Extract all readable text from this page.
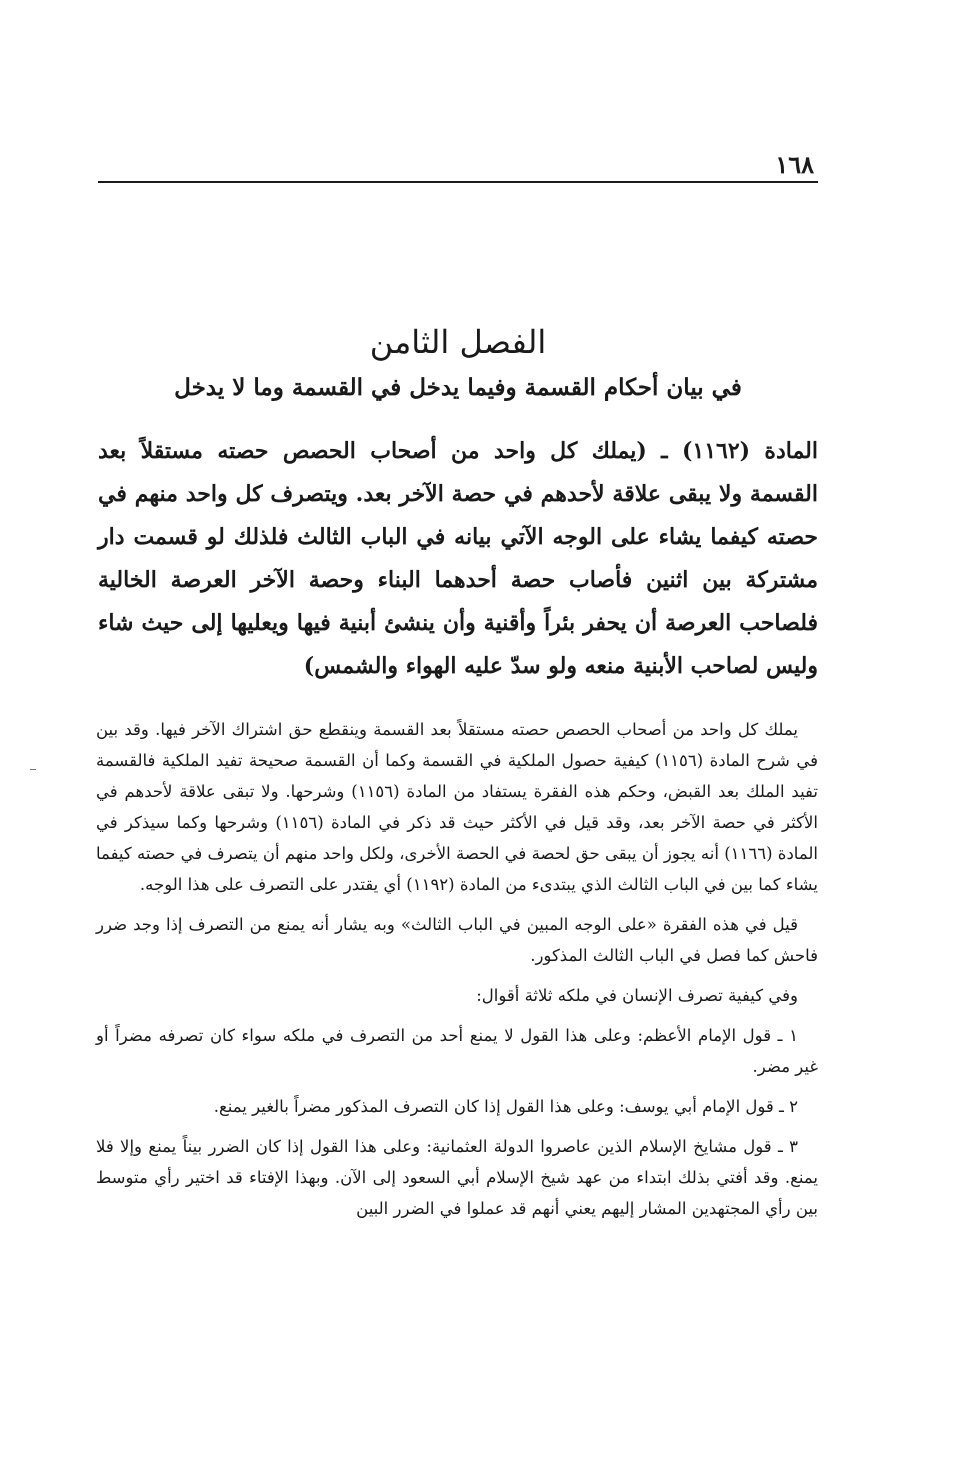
١٦٨
الفصل الثامن
في بيان أحكام القسمة وفيما يدخل في القسمة وما لا يدخل
المادة (١١٦٢) ـ (يملك كل واحد من أصحاب الحصص حصته مستقلاً بعد القسمة ولا يبقى علاقة لأحدهم في حصة الآخر بعد. ويتصرف كل واحد منهم في حصته كيفما يشاء على الوجه الآتي بيانه في الباب الثالث فلذلك لو قسمت دار مشتركة بين اثنين فأصاب حصة أحدهما البناء وحصة الآخر العرصة الخالية فلصاحب العرصة أن يحفر بئراً وأقنية وأن ينشئ أبنية فيها ويعليها إلى حيث شاء وليس لصاحب الأبنية منعه ولو سدّ عليه الهواء والشمس)

يملك كل واحد من أصحاب الحصص حصته مستقلاً بعد القسمة وينقطع حق اشتراك الآخر فيها. وقد بين في شرح المادة (١١٥٦) كيفية حصول الملكية في القسمة وكما أن القسمة صحيحة تفيد الملكية فالقسمة تفيد الملك بعد القبض، وحكم هذه الفقرة يستفاد من المادة (١١٥٦) وشرحها. ولا تبقى علاقة لأحدهم في الأكثر في حصة الآخر بعد، وقد قيل في الأكثر حيث قد ذكر في المادة (١١٥٦) وشرحها وكما سيذكر في المادة (١١٦٦) أنه يجوز أن يبقى حق لحصة في الحصة الأخرى، ولكل واحد منهم أن يتصرف في حصته كيفما يشاء كما بين في الباب الثالث الذي يبتدىء من المادة (١١٩٢) أي يقتدر على التصرف على هذا الوجه.

قيل في هذه الفقرة «على الوجه المبين في الباب الثالث» وبه يشار أنه يمنع من التصرف إذا وجد ضرر فاحش كما فصل في الباب الثالث المذكور.

وفي كيفية تصرف الإنسان في ملكه ثلاثة أقوال:

١ ـ قول الإمام الأعظم: وعلى هذا القول لا يمنع أحد من التصرف في ملكه سواء كان تصرفه مضراً أو غير مضر.

٢ ـ قول الإمام أبي يوسف: وعلى هذا القول إذا كان التصرف المذكور مضراً بالغير يمنع.

٣ ـ قول مشايخ الإسلام الذين عاصروا الدولة العثمانية: وعلى هذا القول إذا كان الضرر بيناً يمنع وإلا فلا يمنع. وقد أفتي بذلك ابتداء من عهد شيخ الإسلام أبي السعود إلى الآن. وبهذا الإفتاء قد اختير رأي متوسط بين رأي المجتهدين المشار إليهم يعني أنهم قد عملوا في الضرر البين
